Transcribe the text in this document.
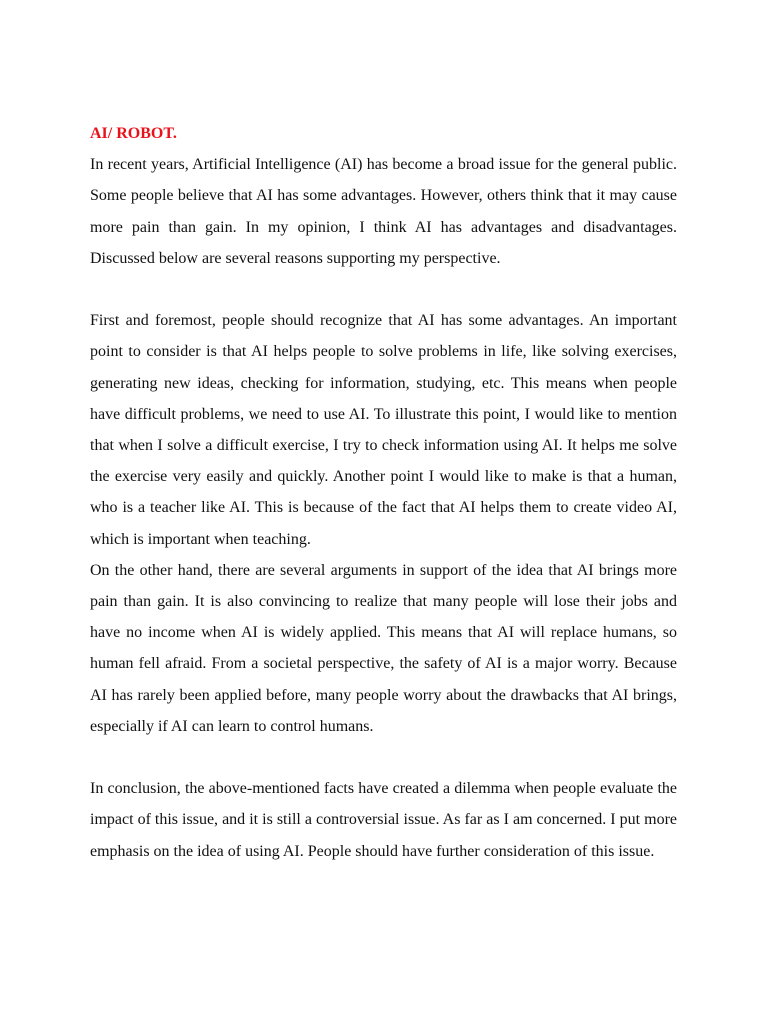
AI/ ROBOT.

In recent years, Artificial Intelligence (AI) has become a broad issue for the general public. Some people believe that AI has some advantages. However, others think that it may cause more pain than gain. In my opinion, I think AI has advantages and disadvantages. Discussed below are several reasons supporting my perspective.

First and foremost, people should recognize that AI has some advantages. An important point to consider is that AI helps people to solve problems in life, like solving exercises, generating new ideas, checking for information, studying, etc. This means when people have difficult problems, we need to use AI. To illustrate this point, I would like to mention that when I solve a difficult exercise, I try to check information using AI. It helps me solve the exercise very easily and quickly. Another point I would like to make is that a human, who is a teacher like AI. This is because of the fact that AI helps them to create video AI, which is important when teaching.

On the other hand, there are several arguments in support of the idea that AI brings more pain than gain. It is also convincing to realize that many people will lose their jobs and have no income when AI is widely applied. This means that AI will replace humans, so human fell afraid. From a societal perspective, the safety of AI is a major worry. Because AI has rarely been applied before, many people worry about the drawbacks that AI brings, especially if AI can learn to control humans.

In conclusion, the above-mentioned facts have created a dilemma when people evaluate the impact of this issue, and it is still a controversial issue. As far as I am concerned. I put more emphasis on the idea of using AI. People should have further consideration of this issue.
